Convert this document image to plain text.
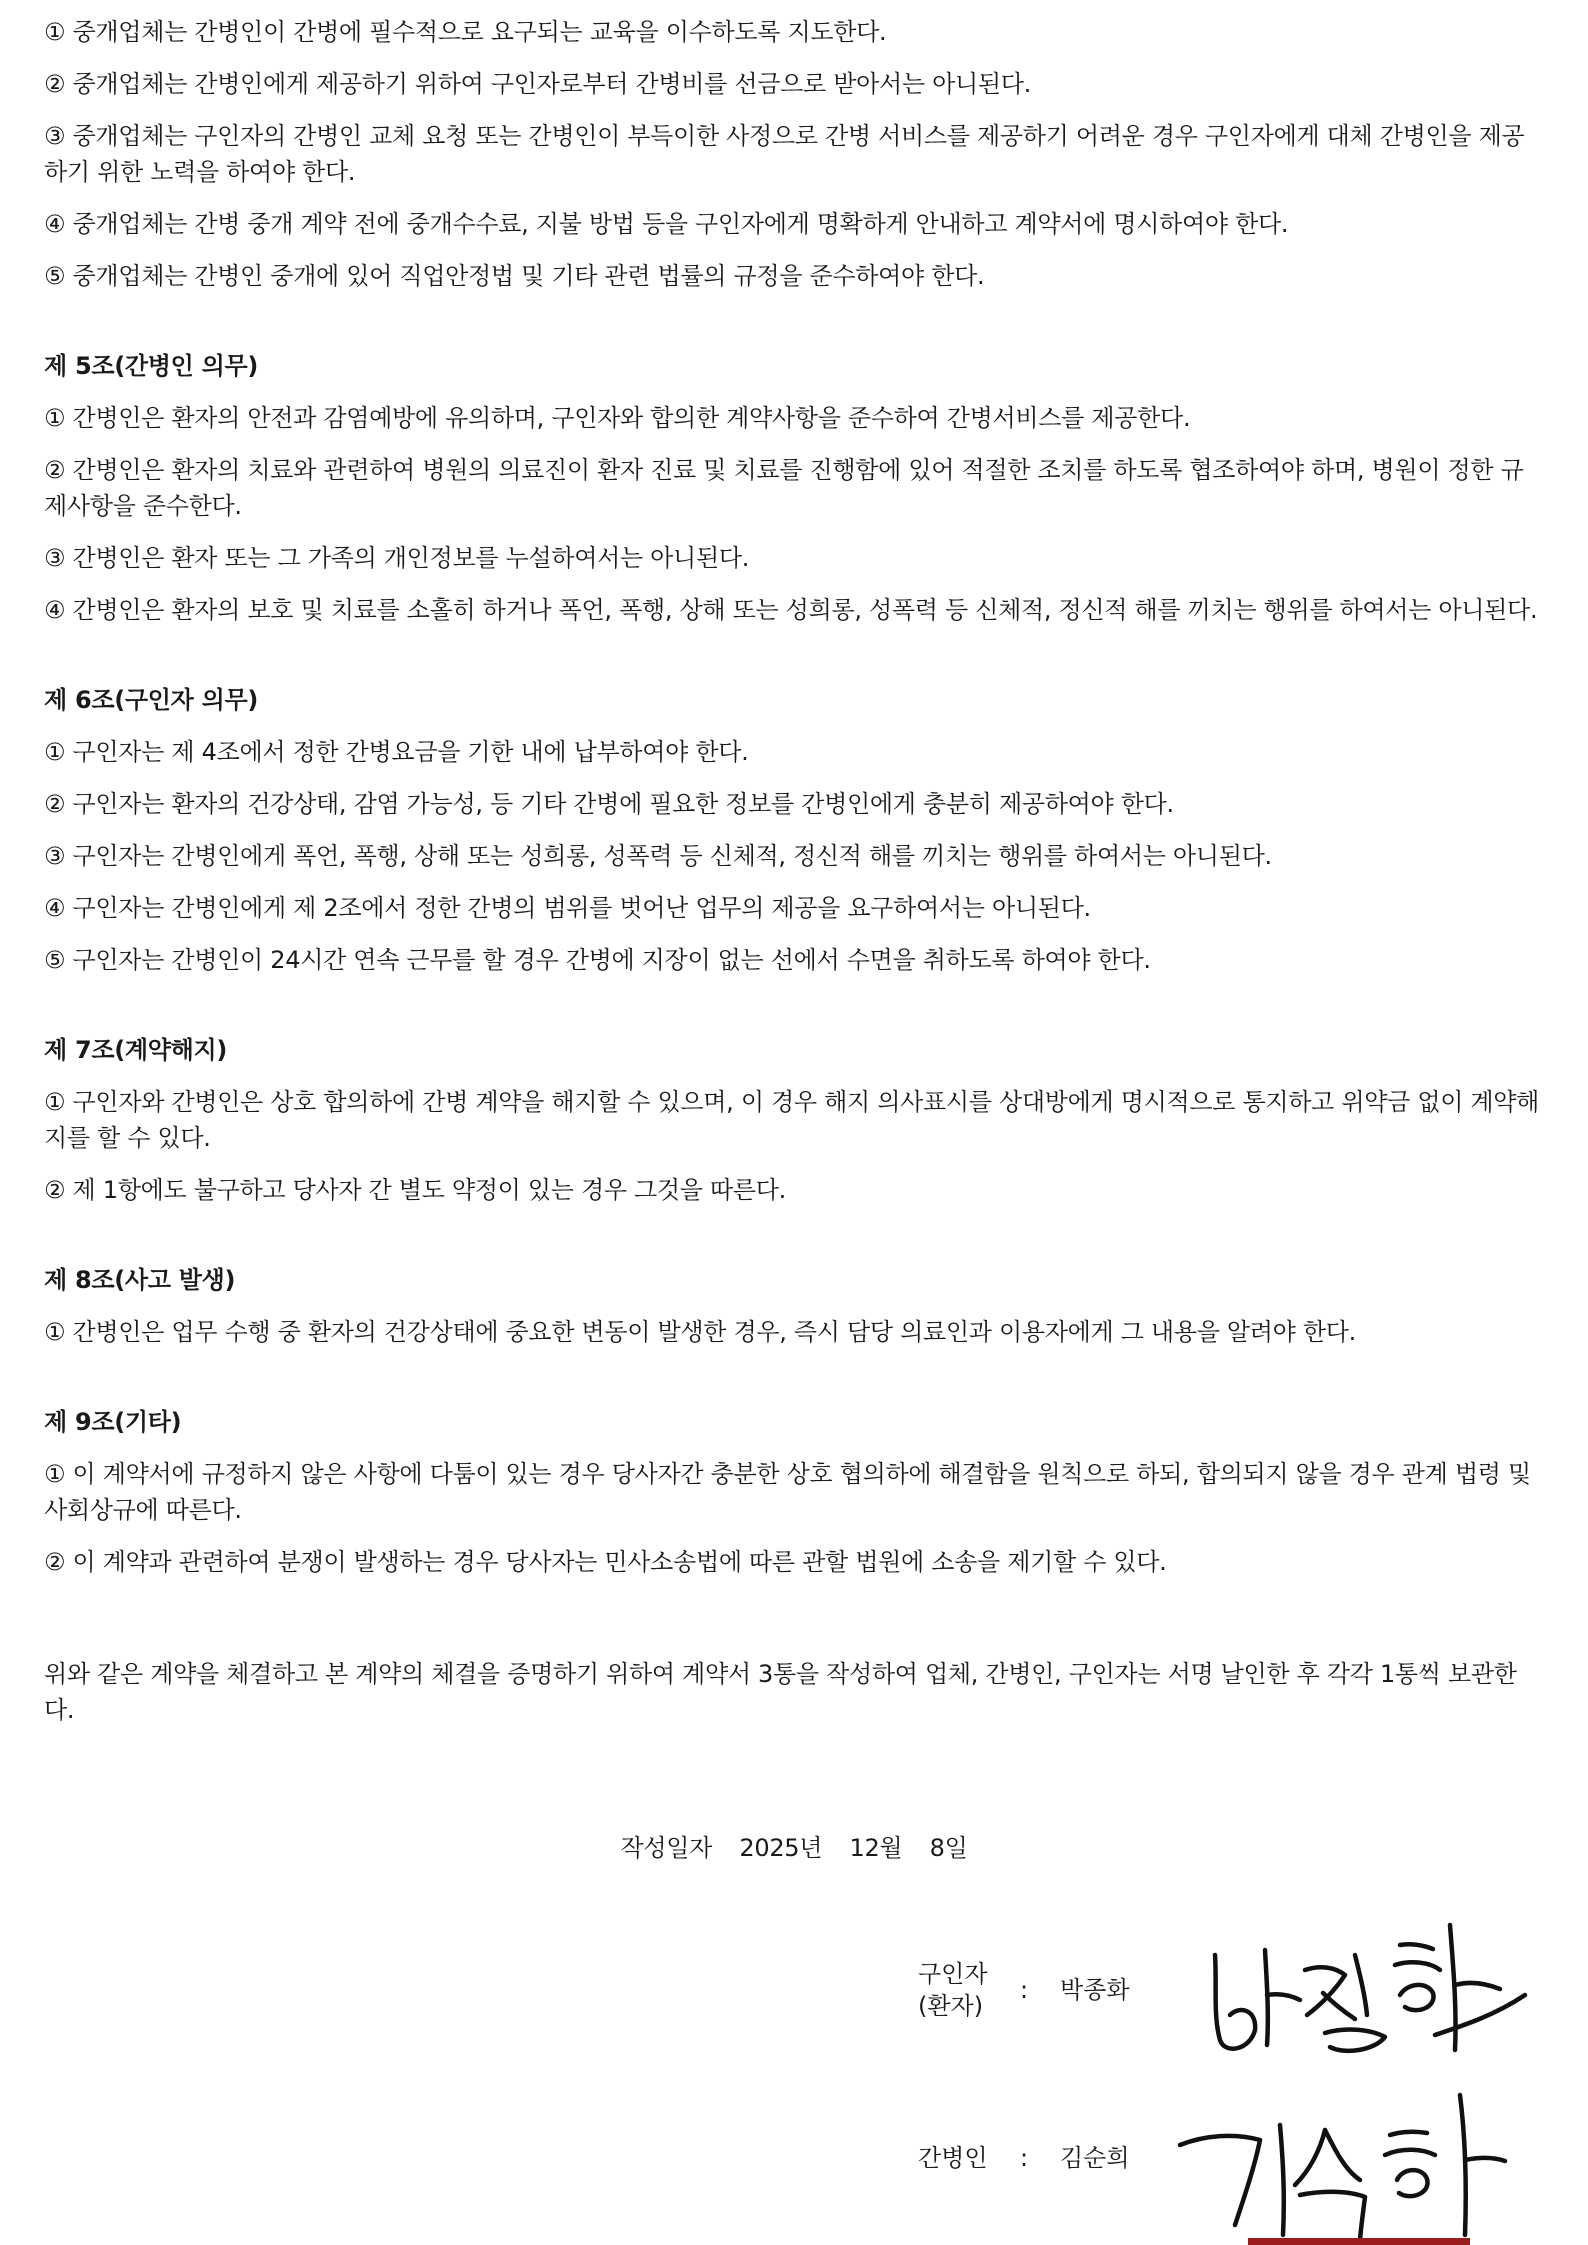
① 중개업체는 간병인이 간병에 필수적으로 요구되는 교육을 이수하도록 지도한다.

② 중개업체는 간병인에게 제공하기 위하여 구인자로부터 간병비를 선금으로 받아서는 아니된다.

③ 중개업체는 구인자의 간병인 교체 요청 또는 간병인이 부득이한 사정으로 간병 서비스를 제공하기 어려운 경우 구인자에게 대체 간병인을 제공하기 위한 노력을 하여야 한다.

④ 중개업체는 간병 중개 계약 전에 중개수수료, 지불 방법 등을 구인자에게 명확하게 안내하고 계약서에 명시하여야 한다.

⑤ 중개업체는 간병인 중개에 있어 직업안정법 및 기타 관련 법률의 규정을 준수하여야 한다.

제 5조(간병인 의무)

① 간병인은 환자의 안전과 감염예방에 유의하며, 구인자와 합의한 계약사항을 준수하여 간병서비스를 제공한다.

② 간병인은 환자의 치료와 관련하여 병원의 의료진이 환자 진료 및 치료를 진행함에 있어 적절한 조치를 하도록 협조하여야 하며, 병원이 정한 규제사항을 준수한다.

③ 간병인은 환자 또는 그 가족의 개인정보를 누설하여서는 아니된다.

④ 간병인은 환자의 보호 및 치료를 소홀히 하거나 폭언, 폭행, 상해 또는 성희롱, 성폭력 등 신체적, 정신적 해를 끼치는 행위를 하여서는 아니된다.

제 6조(구인자 의무)

① 구인자는 제 4조에서 정한 간병요금을 기한 내에 납부하여야 한다.

② 구인자는 환자의 건강상태, 감염 가능성, 등 기타 간병에 필요한 정보를 간병인에게 충분히 제공하여야 한다.

③ 구인자는 간병인에게 폭언, 폭행, 상해 또는 성희롱, 성폭력 등 신체적, 정신적 해를 끼치는 행위를 하여서는 아니된다.

④ 구인자는 간병인에게 제 2조에서 정한 간병의 범위를 벗어난 업무의 제공을 요구하여서는 아니된다.

⑤ 구인자는 간병인이 24시간 연속 근무를 할 경우 간병에 지장이 없는 선에서 수면을 취하도록 하여야 한다.

제 7조(계약해지)

① 구인자와 간병인은 상호 합의하에 간병 계약을 해지할 수 있으며, 이 경우 해지 의사표시를 상대방에게 명시적으로 통지하고 위약금 없이 계약해지를 할 수 있다.

② 제 1항에도 불구하고 당사자 간 별도 약정이 있는 경우 그것을 따른다.

제 8조(사고 발생)

① 간병인은 업무 수행 중 환자의 건강상태에 중요한 변동이 발생한 경우, 즉시 담당 의료인과 이용자에게 그 내용을 알려야 한다.

제 9조(기타)

① 이 계약서에 규정하지 않은 사항에 다툼이 있는 경우 당사자간 충분한 상호 협의하에 해결함을 원칙으로 하되, 합의되지 않을 경우 관계 법령 및 사회상규에 따른다.

② 이 계약과 관련하여 분쟁이 발생하는 경우 당사자는 민사소송법에 따른 관할 법원에 소송을 제기할 수 있다.

위와 같은 계약을 체결하고 본 계약의 체결을 증명하기 위하여 계약서 3통을 작성하여 업체, 간병인, 구인자는 서명 날인한 후 각각 1통씩 보관한다.

작성일자 2025년 12월 8일
구인자
(환자)
: 박종화
간병인	: 김순희
